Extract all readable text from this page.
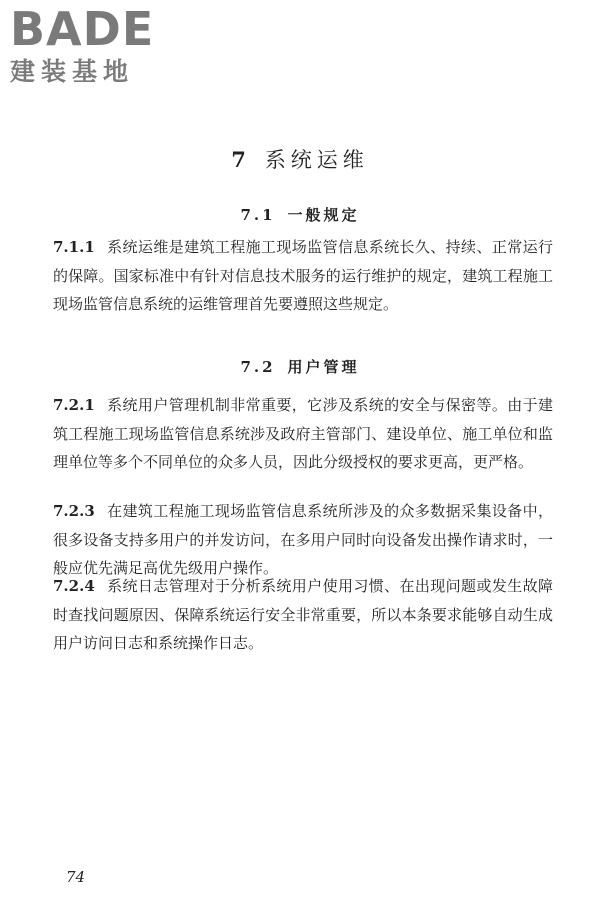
BADE
建装基地
7 系统运维
7.1 一般规定

7.1.1 系统运维是建筑工程施工现场监管信息系统长久、持续、正常运行的保障。国家标准中有针对信息技术服务的运行维护的规定，建筑工程施工现场监管信息系统的运维管理首先要遵照这些规定。

7.2 用户管理

7.2.1 系统用户管理机制非常重要，它涉及系统的安全与保密等。由于建筑工程施工现场监管信息系统涉及政府主管部门、建设单位、施工单位和监理单位等多个不同单位的众多人员，因此分级授权的要求更高，更严格。

7.2.3 在建筑工程施工现场监管信息系统所涉及的众多数据采集设备中，很多设备支持多用户的并发访问，在多用户同时向设备发出操作请求时，一般应优先满足高优先级用户操作。

7.2.4 系统日志管理对于分析系统用户使用习惯、在出现问题或发生故障时查找问题原因、保障系统运行安全非常重要，所以本条要求能够自动生成用户访问日志和系统操作日志。

74
